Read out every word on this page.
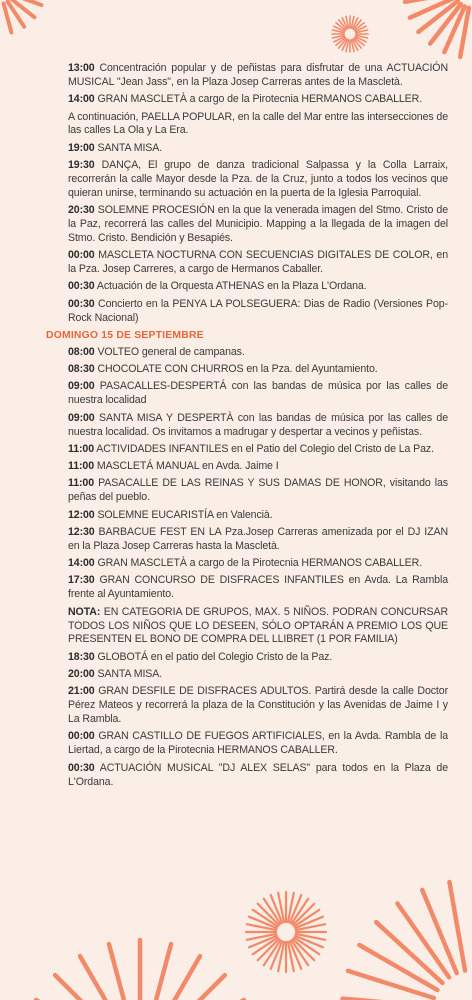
13:00 Concentración popular y de peñistas para disfrutar de una ACTUACIÓN MUSICAL "Jean Jass", en la Plaza Josep Carreras antes de la Mascletà.

14:00 GRAN MASCLETÀ a cargo de la Pirotecnia HERMANOS CABALLER.

A continuación, PAELLA POPULAR, en la calle del Mar entre las intersecciones de las calles La Ola y La Era.

19:00 SANTA MISA.

19:30 DANÇA, El grupo de danza tradicional Salpassa y la Colla Larraix, recorrerán la calle Mayor desde la Pza. de la Cruz, junto a todos los vecinos que quieran unirse, terminando su actuación en la puerta de la Iglesia Parroquial.

20:30 SOLEMNE PROCESIÓN en la que la venerada imagen del Stmo. Cristo de la Paz, recorrerá las calles del Municipio. Mapping a la llegada de la imagen del Stmo. Cristo. Bendición y Besapiés.

00:00 MASCLETA NOCTURNA CON SECUENCIAS DIGITALES DE COLOR, en la Pza. Josep Carreres, a cargo de Hermanos Caballer.

00:30 Actuación de la Orquesta ATHENAS en la Plaza L'Ordana.

00:30 Concierto en la PENYA LA POLSEGUERA: Dias de Radio (Versiones Pop-Rock Nacional)

DOMINGO 15 DE SEPTIEMBRE

08:00 VOLTEO general de campanas.

08:30 CHOCOLATE CON CHURROS en la Pza. del Ayuntamiento.

09:00 PASACALLES-DESPERTÁ con las bandas de música por las calles de nuestra localidad

09:00 SANTA MISA Y DESPERTÀ con las bandas de música por las calles de nuestra localidad. Os invitamos a madrugar y despertar a vecinos y peñistas.

11:00 ACTIVIDADES INFANTILES en el Patio del Colegio del Cristo de La Paz.

11:00 MASCLETÁ MANUAL en Avda. Jaime I

11:00 PASACALLE DE LAS REINAS Y SUS DAMAS DE HONOR, visitando las peñas del pueblo.

12:00 SOLEMNE EUCARISTÍA en Valencià.

12:30 BARBACUE FEST EN LA Pza.Josep Carreras amenizada por el DJ IZAN en la Plaza Josep Carreras hasta la Mascletà.

14:00 GRAN MASCLETÀ a cargo de la Pirotecnia HERMANOS CABALLER.

17:30 GRAN CONCURSO DE DISFRACES INFANTILES en Avda. La Rambla frente al Ayuntamiento.

NOTA: EN CATEGORIA DE GRUPOS, MAX. 5 NIÑOS. PODRAN CONCURSAR TODOS LOS NIÑOS QUE LO DESEEN, SÓLO OPTARÁN A PREMIO LOS QUE PRESENTEN EL BONO DE COMPRA DEL LLIBRET (1 POR FAMILIA)

18:30 GLOBOTÁ en el patio del Colegio Cristo de la Paz.

20:00 SANTA MISA.

21:00 GRAN DESFILE DE DISFRACES ADULTOS. Partirá desde la calle Doctor Pérez Mateos y recorrerá la plaza de la Constitución y las Avenidas de Jaime I y La Rambla.

00:00 GRAN CASTILLO DE FUEGOS ARTIFICIALES, en la Avda. Rambla de la Liertad, a cargo de la Pirotecnia HERMANOS CABALLER.

00:30 ACTUACIÓN MUSICAL "DJ ALEX SELAS" para todos en la Plaza de L'Ordana.
